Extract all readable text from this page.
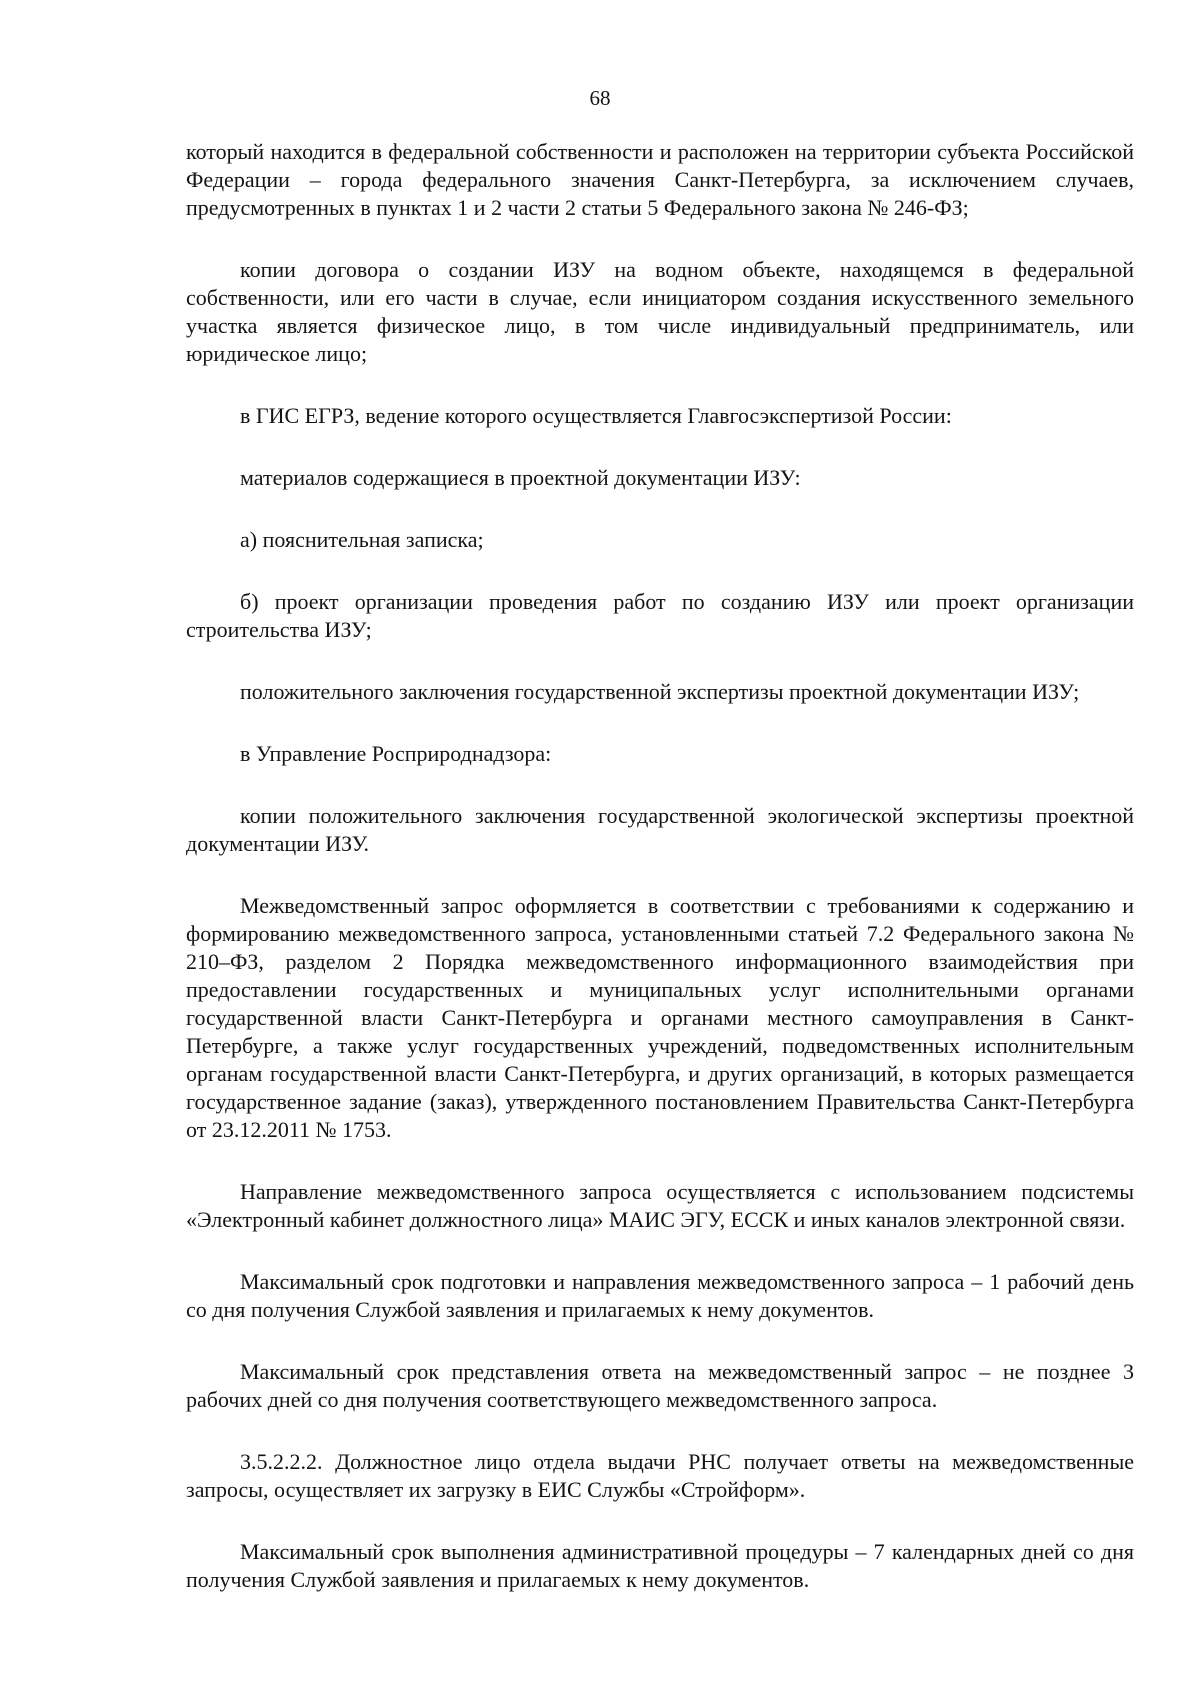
68

который находится в федеральной собственности и расположен на территории субъекта Российской Федерации – города федерального значения Санкт-Петербурга, за исключением случаев, предусмотренных в пунктах 1 и 2 части 2 статьи 5 Федерального закона № 246-ФЗ;

копии договора о создании ИЗУ на водном объекте, находящемся в федеральной собственности, или его части в случае, если инициатором создания искусственного земельного участка является физическое лицо, в том числе индивидуальный предприниматель, или юридическое лицо;

в ГИС ЕГРЗ, ведение которого осуществляется Главгосэкспертизой России:

материалов содержащиеся в проектной документации ИЗУ:

а) пояснительная записка;

б) проект организации проведения работ по созданию ИЗУ или проект организации строительства ИЗУ;

положительного заключения государственной экспертизы проектной документации ИЗУ;

в Управление Росприроднадзора:

копии положительного заключения государственной экологической экспертизы проектной документации ИЗУ.

Межведомственный запрос оформляется в соответствии с требованиями к содержанию и формированию межведомственного запроса, установленными статьей 7.2 Федерального закона № 210–ФЗ, разделом 2 Порядка межведомственного информационного взаимодействия при предоставлении государственных и муниципальных услуг исполнительными органами государственной власти Санкт-Петербурга и органами местного самоуправления в Санкт-Петербурге, а также услуг государственных учреждений, подведомственных исполнительным органам государственной власти Санкт-Петербурга, и других организаций, в которых размещается государственное задание (заказ), утвержденного постановлением Правительства Санкт-Петербурга от 23.12.2011 № 1753.

Направление межведомственного запроса осуществляется с использованием подсистемы «Электронный кабинет должностного лица» МАИС ЭГУ, ЕССК и иных каналов электронной связи.

Максимальный срок подготовки и направления межведомственного запроса – 1 рабочий день со дня получения Службой заявления и прилагаемых к нему документов.

Максимальный срок представления ответа на межведомственный запрос – не позднее 3 рабочих дней со дня получения соответствующего межведомственного запроса.

3.5.2.2.2. Должностное лицо отдела выдачи РНС получает ответы на межведомственные запросы, осуществляет их загрузку в ЕИС Службы «Стройформ».

Максимальный срок выполнения административной процедуры – 7 календарных дней со дня получения Службой заявления и прилагаемых к нему документов.
